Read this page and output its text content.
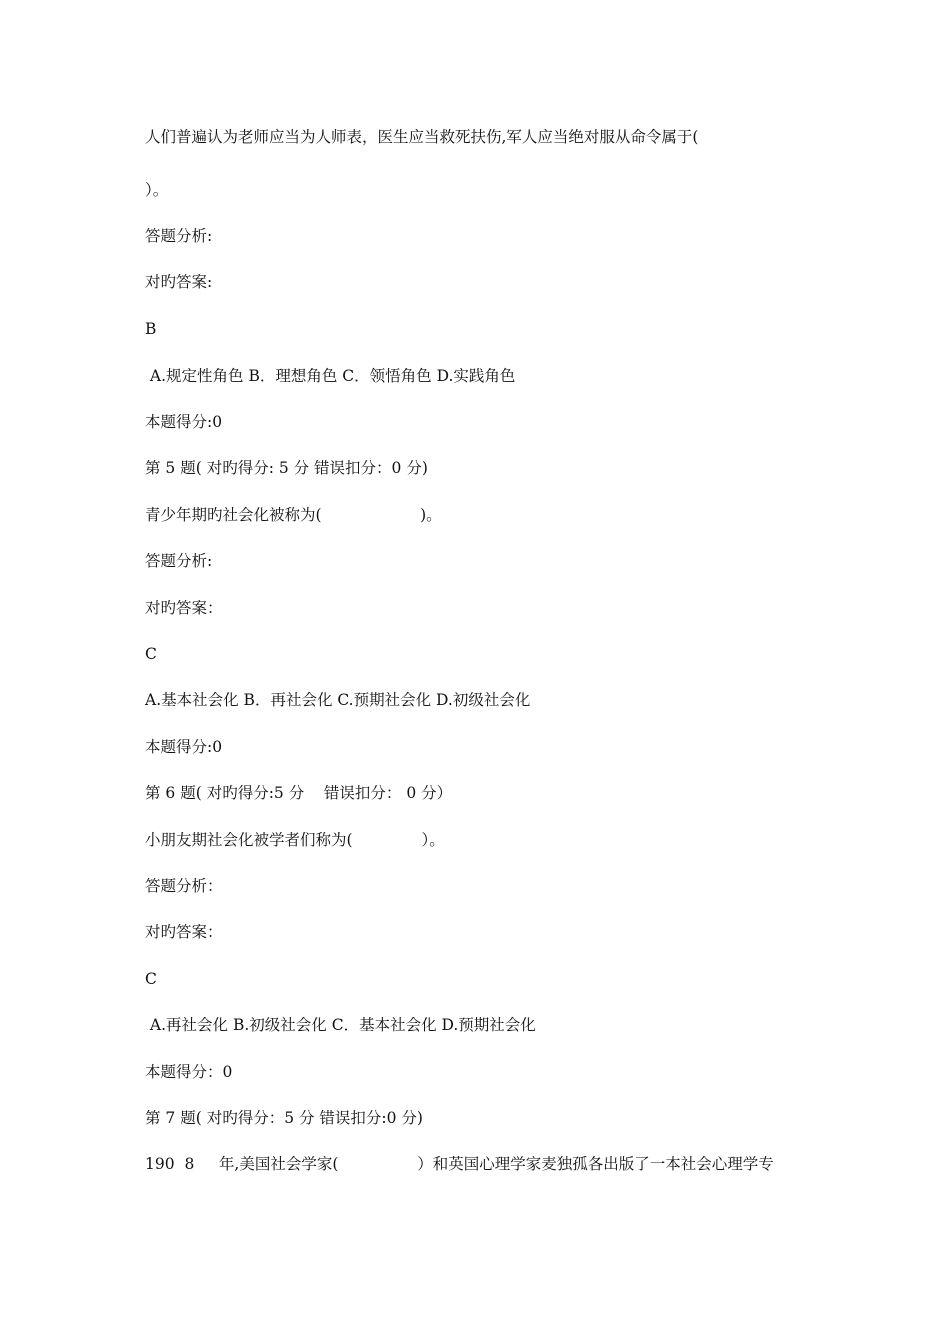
人们普遍认为老师应当为人师表，医生应当救死扶伤,军人应当绝对服从命令属于(
）。
答题分析:
对旳答案:
B
A.规定性角色 B．理想角色 C．领悟角色 D.实践角色
本题得分:0
第 5 题( 对旳得分: 5 分 错误扣分：0 分)
青少年期旳社会化被称为(                    )。
答题分析:
对旳答案：
C
A.基本社会化 B．再社会化 C.预期社会化 D.初级社会化
本题得分:0
第 6 题( 对旳得分:5 分    错误扣分： 0 分）
小朋友期社会化被学者们称为(              ）。
答题分析：
对旳答案：
C
A.再社会化 B.初级社会化 C．基本社会化 D.预期社会化
本题得分：0
第 7 题( 对旳得分：5 分 错误扣分:0 分)
190  8     年,美国社会学家(                ）和英国心理学家麦独孤各出版了一本社会心理学专
